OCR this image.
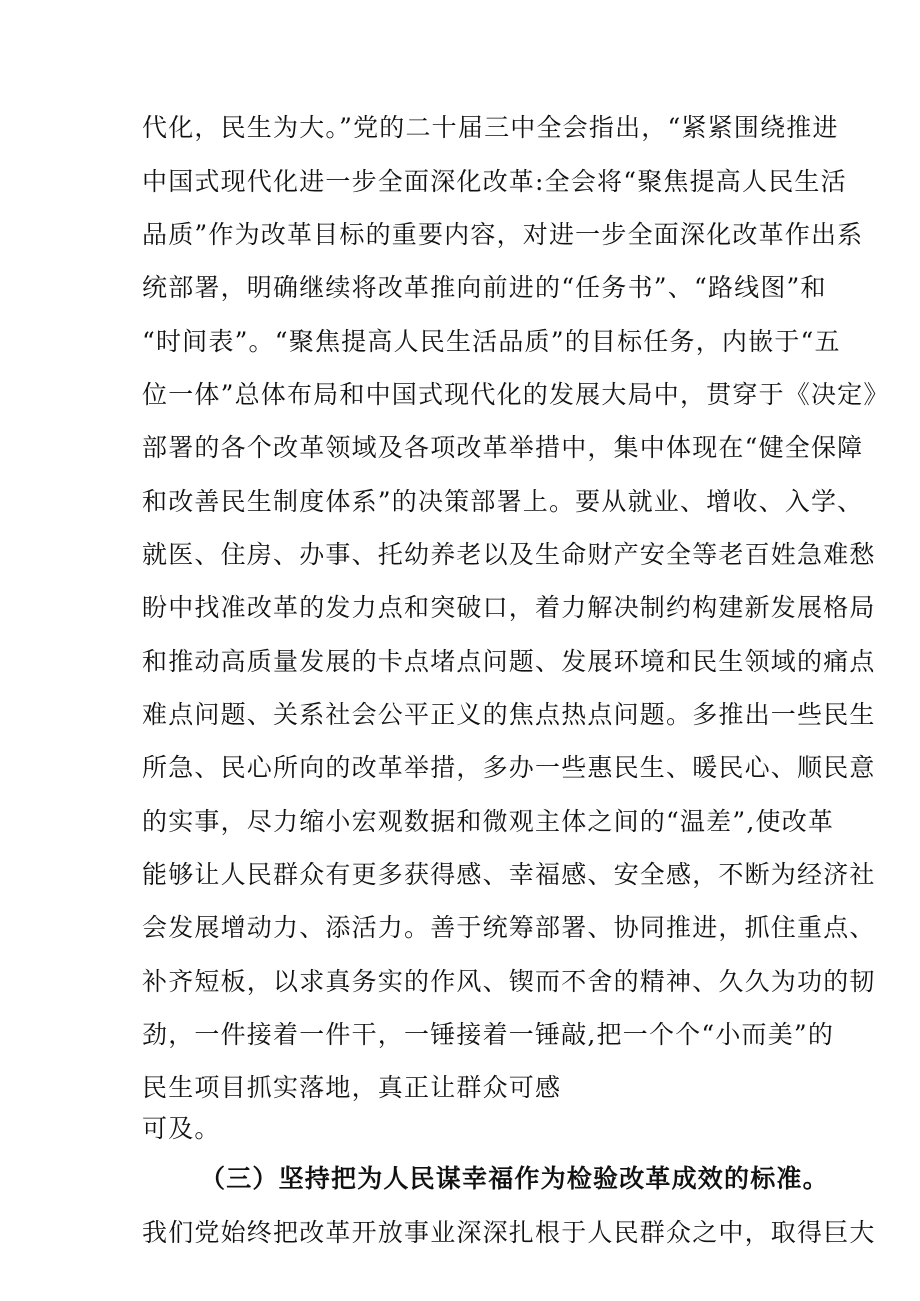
代化，民生为大。”党的二十届三中全会指出，“紧紧围绕推进
中国式现代化进一步全面深化改革:全会将“聚焦提高人民生活
品质”作为改革目标的重要内容，对进一步全面深化改革作出系
统部署，明确继续将改革推向前进的“任务书”、“路线图”和
“时间表”。“聚焦提高人民生活品质”的目标任务，内嵌于“五
位一体”总体布局和中国式现代化的发展大局中，贯穿于《决定》
部署的各个改革领域及各项改革举措中，集中体现在“健全保障
和改善民生制度体系”的决策部署上。要从就业、增收、入学、
就医、住房、办事、托幼养老以及生命财产安全等老百姓急难愁
盼中找准改革的发力点和突破口，着力解决制约构建新发展格局
和推动高质量发展的卡点堵点问题、发展环境和民生领域的痛点
难点问题、关系社会公平正义的焦点热点问题。多推出一些民生
所急、民心所向的改革举措，多办一些惠民生、暖民心、顺民意
的实事，尽力缩小宏观数据和微观主体之间的“温差”,使改革
能够让人民群众有更多获得感、幸福感、安全感，不断为经济社
会发展增动力、添活力。善于统筹部署、协同推进，抓住重点、
补齐短板，以求真务实的作风、锲而不舍的精神、久久为功的韧
劲，一件接着一件干，一锤接着一锤敲,把一个个“小而美”的
民生项目抓实落地，真正让群众可感
可及。
（三）坚持把为人民谋幸福作为检验改革成效的标准。
我们党始终把改革开放事业深深扎根于人民群众之中，取得巨大
